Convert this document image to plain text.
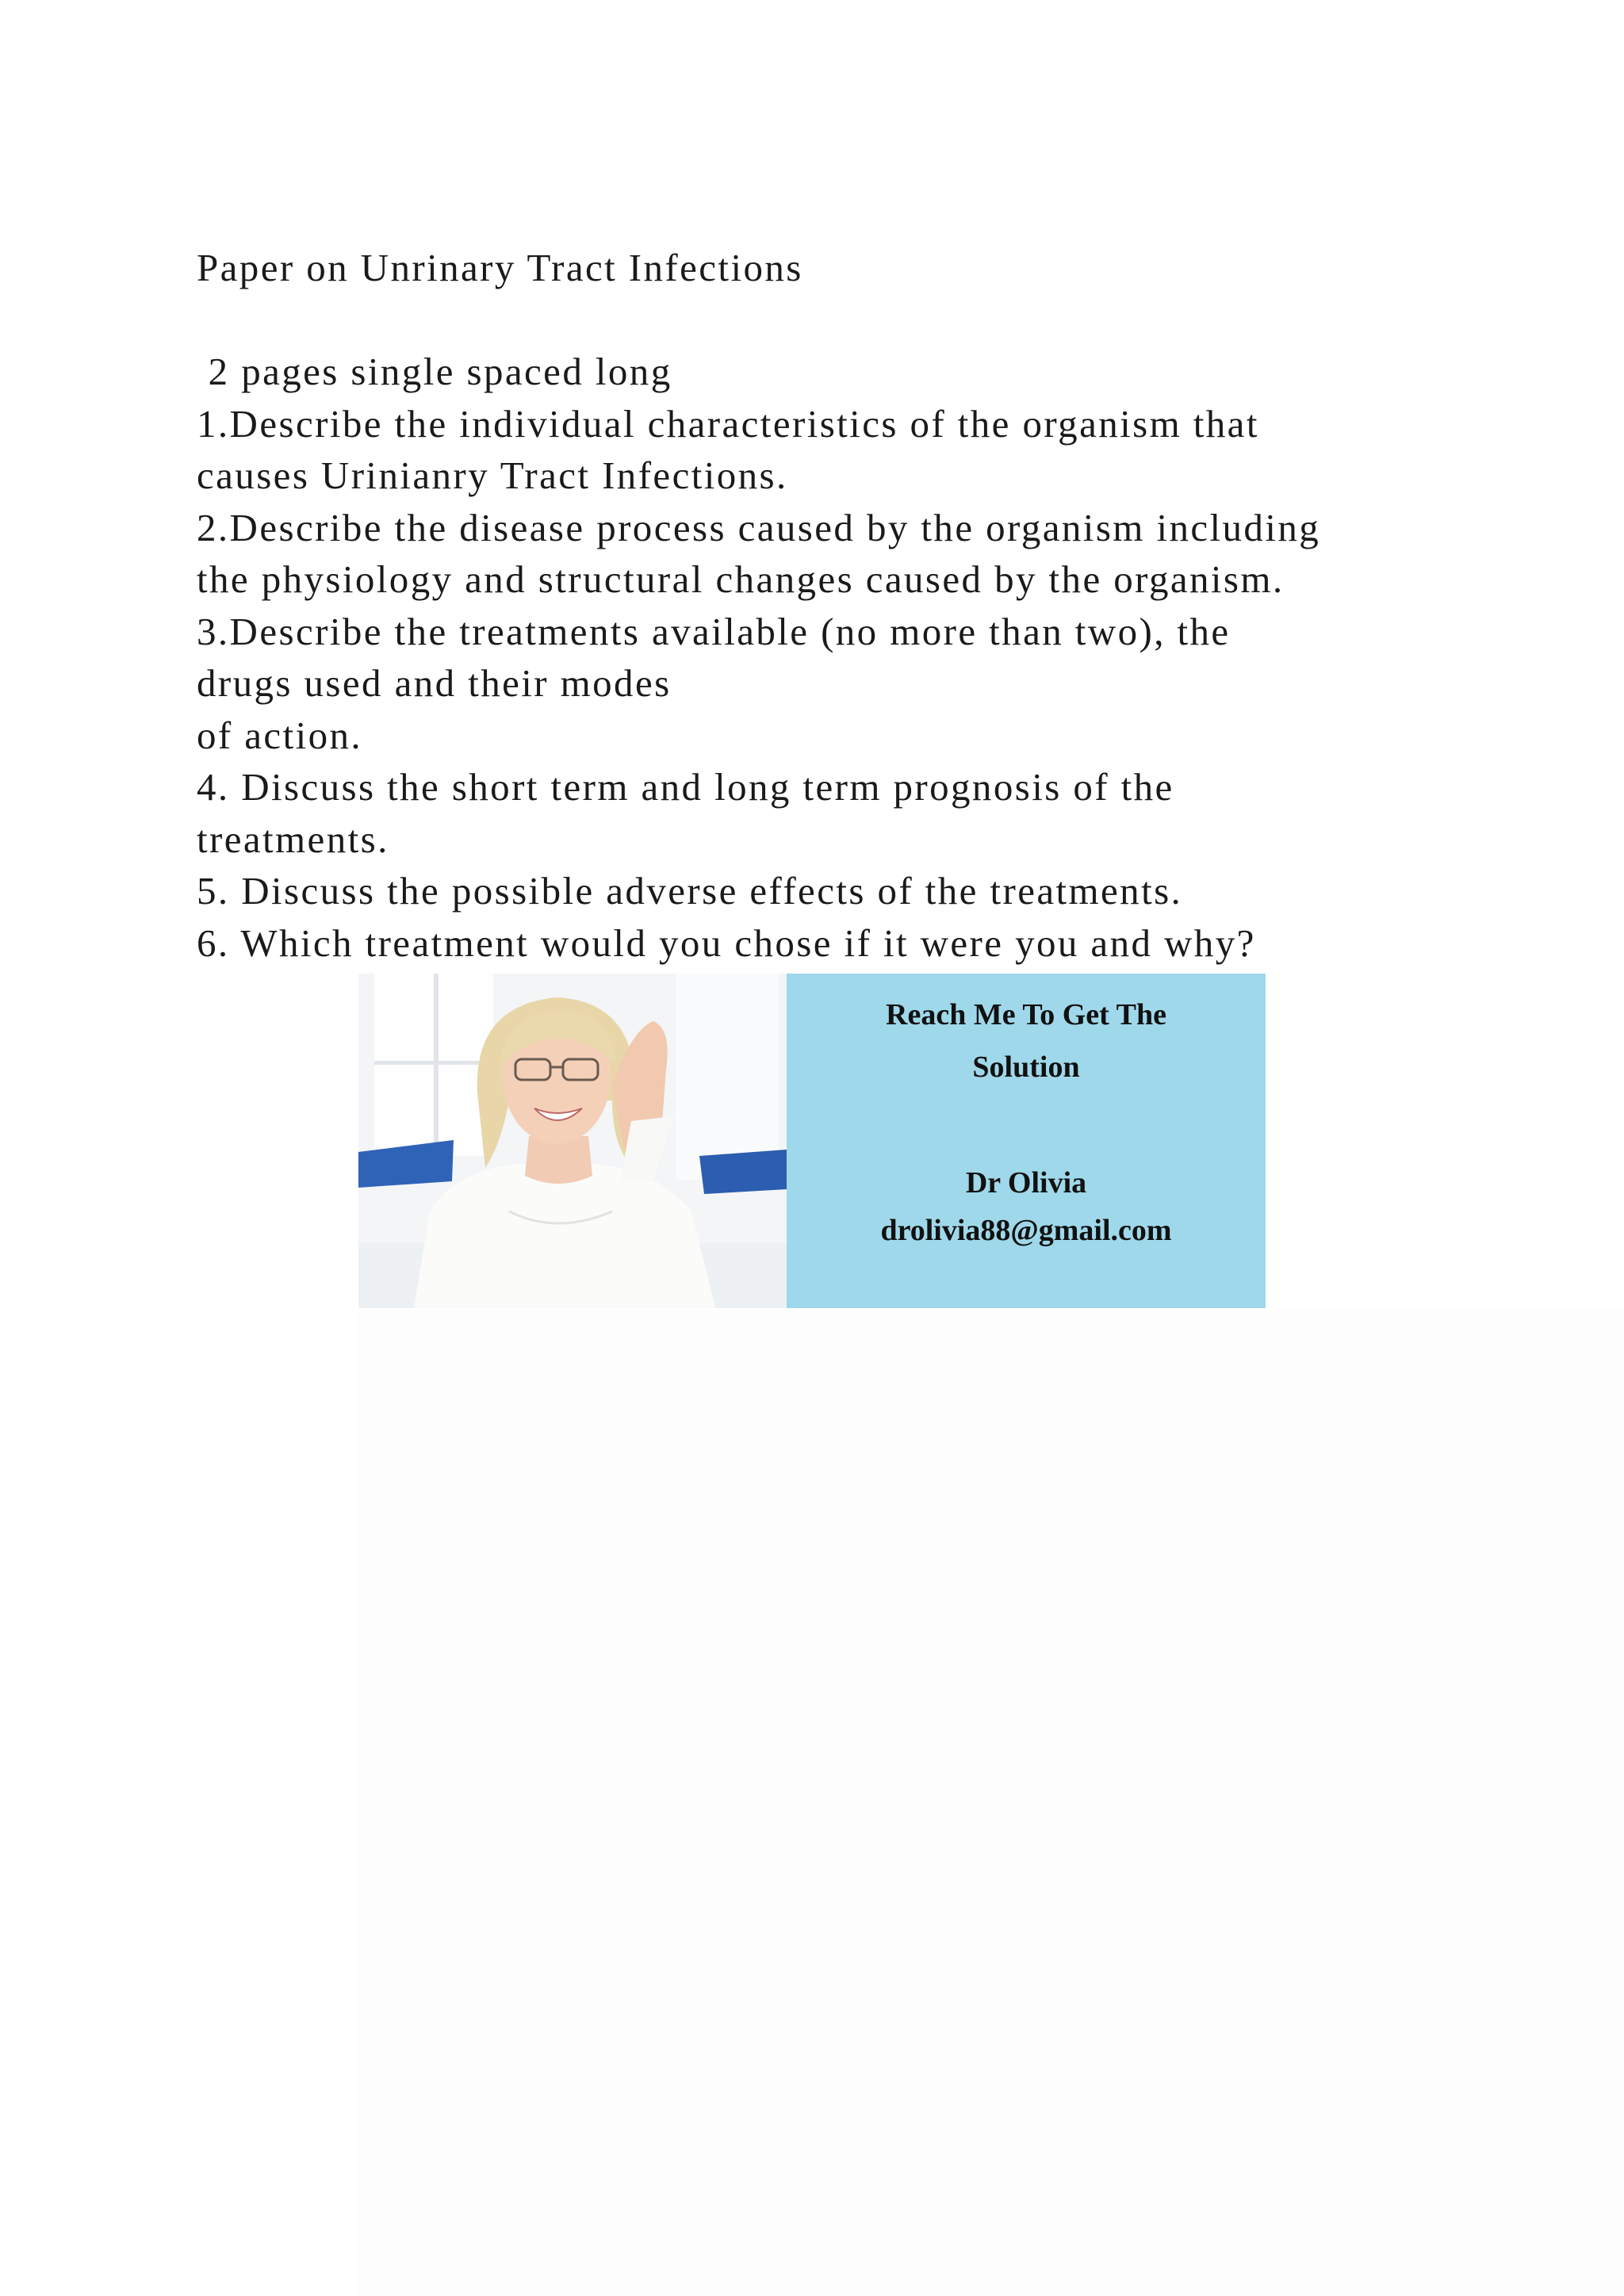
Paper on Unrinary Tract Infections
2 pages single spaced long
1.Describe the individual characteristics of the organism that
causes Urinianry Tract Infections.
2.Describe the disease process caused by the organism including
the physiology and structural changes caused by the organism.
3.Describe the treatments available (no more than two), the
drugs used and their modes
of action.
4. Discuss the short term and long term prognosis of the
treatments.
5. Discuss the possible adverse effects of the treatments.
6. Which treatment would you chose if it were you and why?
Reach Me To Get The
Solution
Dr Olivia
drolivia88@gmail.com
